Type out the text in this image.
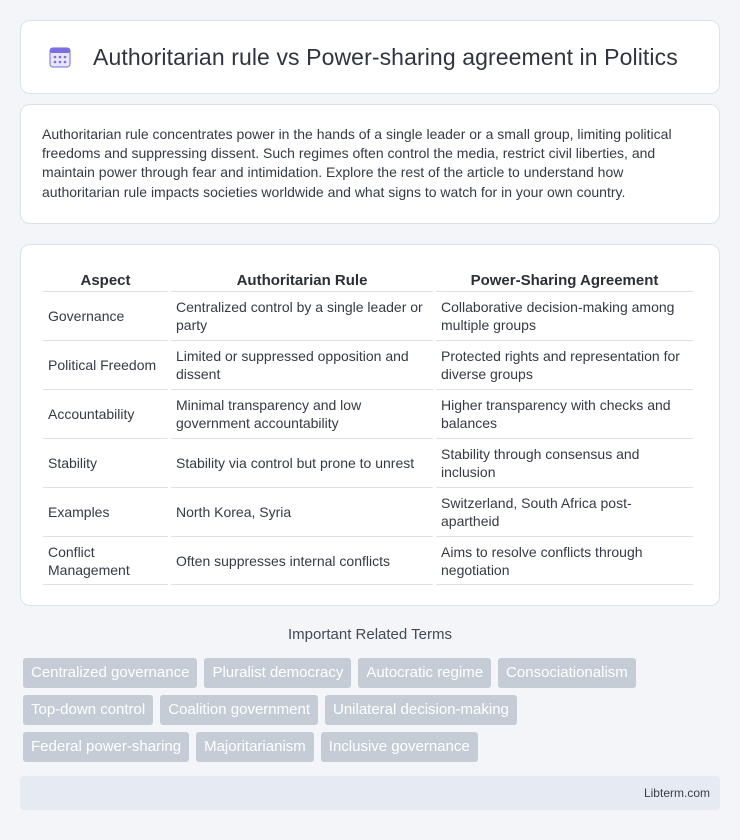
Authoritarian rule vs Power-sharing agreement in Politics

Authoritarian rule concentrates power in the hands of a single leader or a small group, limiting political freedoms and suppressing dissent. Such regimes often control the media, restrict civil liberties, and maintain power through fear and intimidation. Explore the rest of the article to understand how authoritarian rule impacts societies worldwide and what signs to watch for in your own country.

Aspect	Authoritarian Rule	Power-Sharing Agreement
Governance	Centralized control by a single leader or party	Collaborative decision-making among multiple groups
Political Freedom	Limited or suppressed opposition and dissent	Protected rights and representation for diverse groups
Accountability	Minimal transparency and low government accountability	Higher transparency with checks and balances
Stability	Stability via control but prone to unrest	Stability through consensus and inclusion
Examples	North Korea, Syria	Switzerland, South Africa post-apartheid
Conflict Management	Often suppresses internal conflicts	Aims to resolve conflicts through negotiation
Important Related Terms
Centralized governance	Pluralist democracy	Autocratic regime	Consociationalism
Top-down control	Coalition government	Unilateral decision-making
Federal power-sharing	Majoritarianism	Inclusive governance
Libterm.com
